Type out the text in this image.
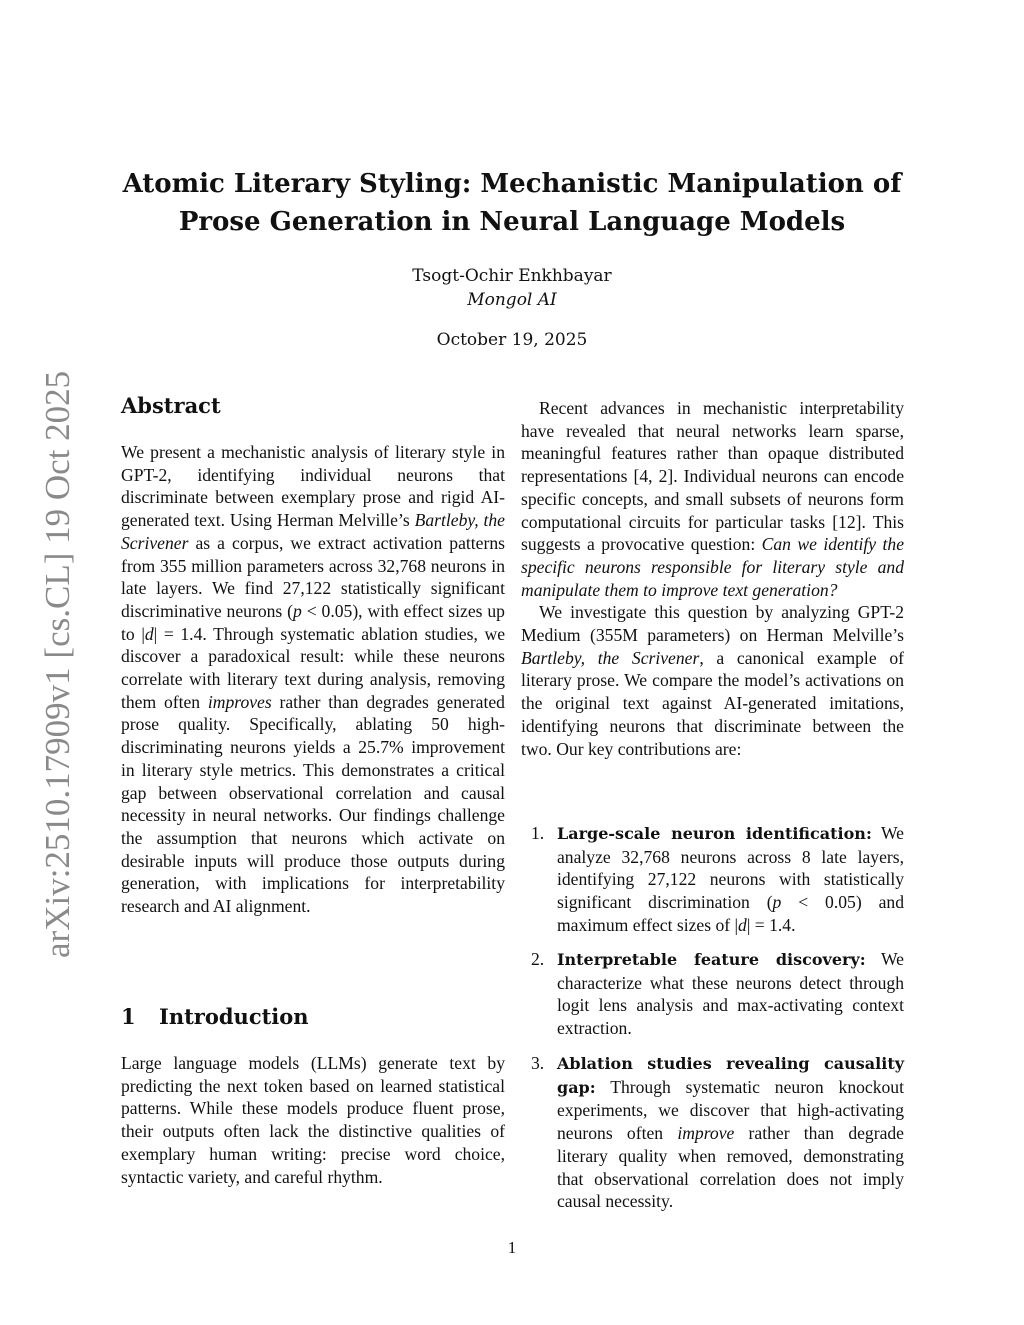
arXiv:2510.17909v1 [cs.CL] 19 Oct 2025
Atomic Literary Styling: Mechanistic Manipulation of
Prose Generation in Neural Language Models
Tsogt-Ochir Enkhbayar
Mongol AI
October 19, 2025
Abstract

We present a mechanistic analysis of literary style in GPT-2, identifying individual neurons that discriminate between exemplary prose and rigid AI-generated text. Using Herman Melville’s Bartleby, the Scrivener as a corpus, we extract activation patterns from 355 million parameters across 32,768 neurons in late layers. We find 27,122 statistically significant discriminative neurons (p < 0.05), with effect sizes up to |d| = 1.4. Through systematic ablation studies, we discover a paradoxical result: while these neurons correlate with literary text during analysis, removing them often improves rather than degrades generated prose quality. Specifically, ablating 50 high-discriminating neurons yields a 25.7% improvement in literary style metrics. This demonstrates a critical gap between observational correlation and causal necessity in neural networks. Our findings challenge the assumption that neurons which activate on desirable inputs will produce those outputs during generation, with implications for interpretability research and AI alignment.

1 Introduction

Large language models (LLMs) generate text by predicting the next token based on learned statistical patterns. While these models produce fluent prose, their outputs often lack the distinctive qualities of exemplary human writing: precise word choice, syntactic variety, and careful rhythm.

Recent advances in mechanistic interpretability have revealed that neural networks learn sparse, meaningful features rather than opaque distributed representations [4, 2]. Individual neurons can encode specific concepts, and small subsets of neurons form computational circuits for particular tasks [12]. This suggests a provocative question: Can we identify the specific neurons responsible for literary style and manipulate them to improve text generation?

We investigate this question by analyzing GPT-2 Medium (355M parameters) on Herman Melville’s Bartleby, the Scrivener, a canonical example of literary prose. We compare the model’s activations on the original text against AI-generated imitations, identifying neurons that discriminate between the two. Our key contributions are:

1. Large-scale neuron identification: We analyze 32,768 neurons across 8 late layers, identifying 27,122 neurons with statistically significant discrimination (p < 0.05) and maximum effect sizes of |d| = 1.4.
2. Interpretable feature discovery: We characterize what these neurons detect through logit lens analysis and max-activating context extraction.
3. Ablation studies revealing causality gap: Through systematic neuron knockout experiments, we discover that high-activating neurons often improve rather than degrade literary quality when removed, demonstrating that observational correlation does not imply causal necessity.
1
